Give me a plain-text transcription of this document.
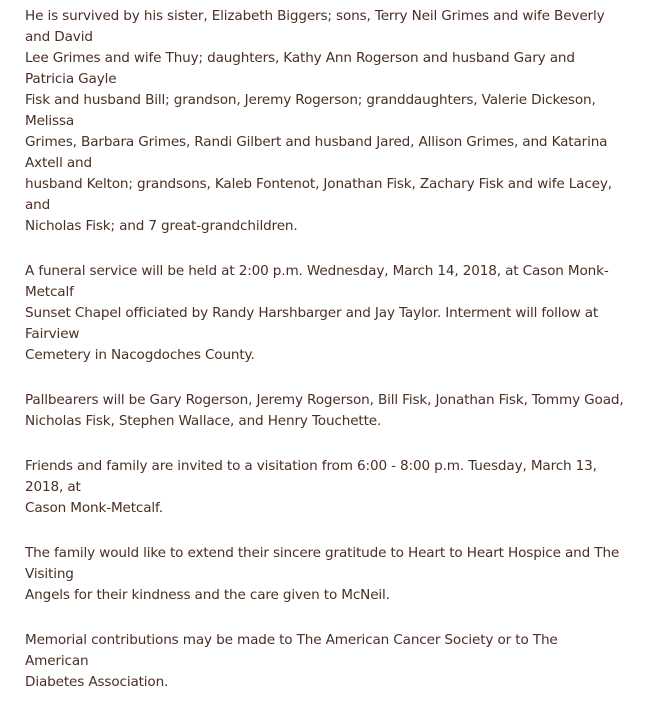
He is survived by his sister, Elizabeth Biggers; sons, Terry Neil Grimes and wife Beverly and David
Lee Grimes and wife Thuy; daughters, Kathy Ann Rogerson and husband Gary and Patricia Gayle
Fisk and husband Bill; grandson, Jeremy Rogerson; granddaughters, Valerie Dickeson, Melissa
Grimes, Barbara Grimes, Randi Gilbert and husband Jared, Allison Grimes, and Katarina Axtell and
husband Kelton; grandsons, Kaleb Fontenot, Jonathan Fisk, Zachary Fisk and wife Lacey, and
Nicholas Fisk; and 7 great-grandchildren.

A funeral service will be held at 2:00 p.m. Wednesday, March 14, 2018, at Cason Monk-Metcalf
Sunset Chapel officiated by Randy Harshbarger and Jay Taylor. Interment will follow at Fairview
Cemetery in Nacogdoches County.

Pallbearers will be Gary Rogerson, Jeremy Rogerson, Bill Fisk, Jonathan Fisk, Tommy Goad,
Nicholas Fisk, Stephen Wallace, and Henry Touchette.

Friends and family are invited to a visitation from 6:00 - 8:00 p.m. Tuesday, March 13, 2018, at
Cason Monk-Metcalf.

The family would like to extend their sincere gratitude to Heart to Heart Hospice and The Visiting
Angels for their kindness and the care given to McNeil.

Memorial contributions may be made to The American Cancer Society or to The American
Diabetes Association.
